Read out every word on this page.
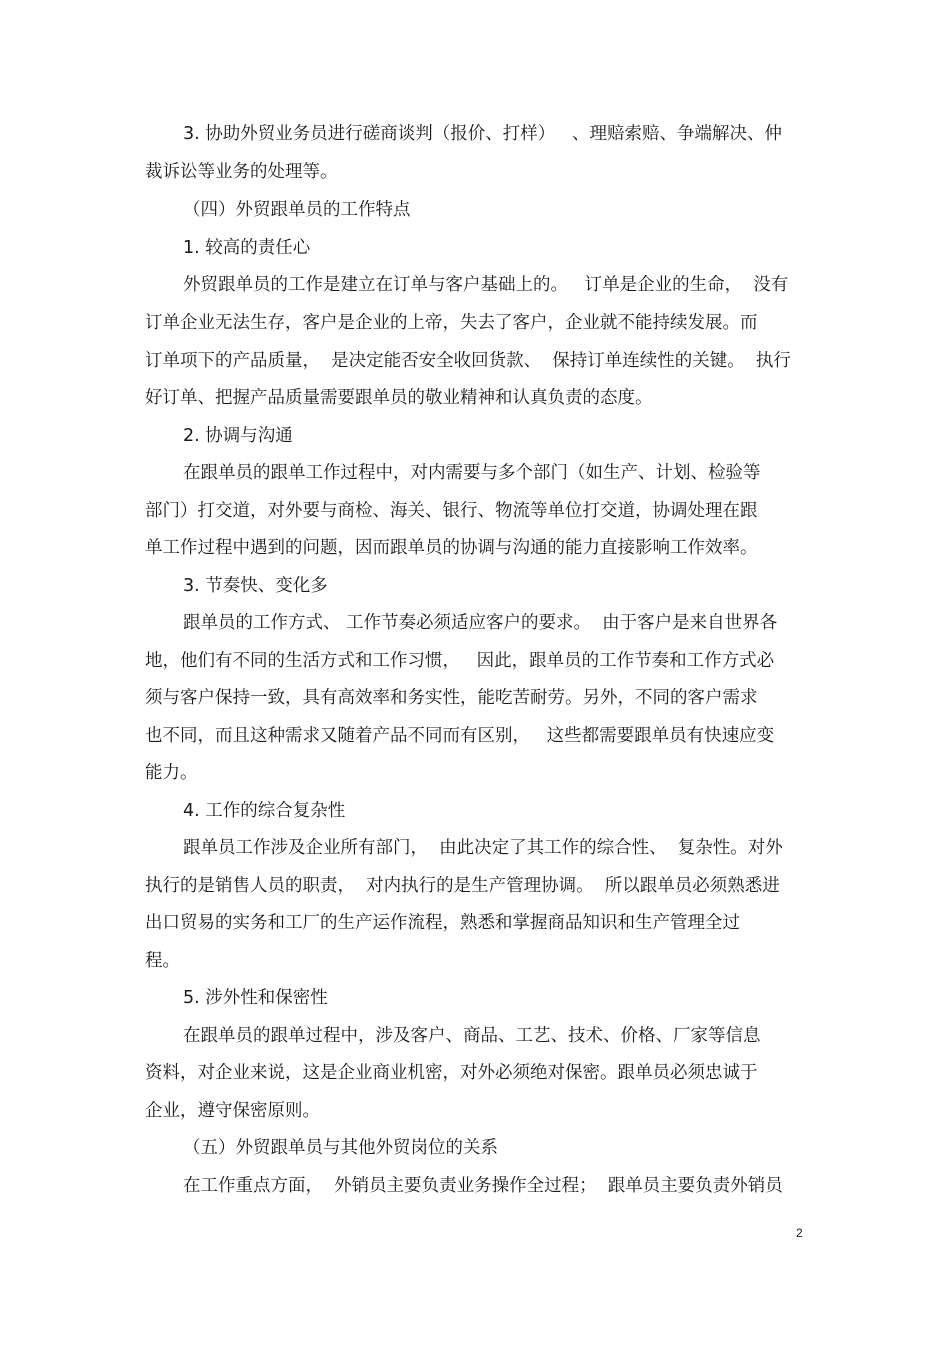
3. 协助外贸业务员进行磋商谈判（报价、打样）   、理赔索赔、争端解决、仲
裁诉讼等业务的处理等。
（四）外贸跟单员的工作特点
1. 较高的责任心
外贸跟单员的工作是建立在订单与客户基础上的。   订单是企业的生命，  没有
订单企业无法生存，客户是企业的上帝，失去了客户，企业就不能持续发展。而
订单项下的产品质量，  是决定能否安全收回货款、  保持订单连续性的关键。  执行
好订单、把握产品质量需要跟单员的敬业精神和认真负责的态度。
2. 协调与沟通
在跟单员的跟单工作过程中，对内需要与多个部门（如生产、计划、检验等
部门）打交道，对外要与商检、海关、银行、物流等单位打交道，协调处理在跟
单工作过程中遇到的问题，因而跟单员的协调与沟通的能力直接影响工作效率。
3. 节奏快、变化多
跟单员的工作方式、 工作节奏必须适应客户的要求。  由于客户是来自世界各
地，他们有不同的生活方式和工作习惯，   因此，跟单员的工作节奏和工作方式必
须与客户保持一致，具有高效率和务实性，能吃苦耐劳。另外，不同的客户需求
也不同，而且这种需求又随着产品不同而有区别，   这些都需要跟单员有快速应变
能力。
4. 工作的综合复杂性
跟单员工作涉及企业所有部门，  由此决定了其工作的综合性、  复杂性。对外
执行的是销售人员的职责，  对内执行的是生产管理协调。  所以跟单员必须熟悉进
出口贸易的实务和工厂的生产运作流程，熟悉和掌握商品知识和生产管理全过
程。
5. 涉外性和保密性
在跟单员的跟单过程中，涉及客户、商品、工艺、技术、价格、厂家等信息
资料，对企业来说，这是企业商业机密，对外必须绝对保密。跟单员必须忠诚于
企业，遵守保密原则。
（五）外贸跟单员与其他外贸岗位的关系
在工作重点方面，  外销员主要负责业务操作全过程；  跟单员主要负责外销员
2
